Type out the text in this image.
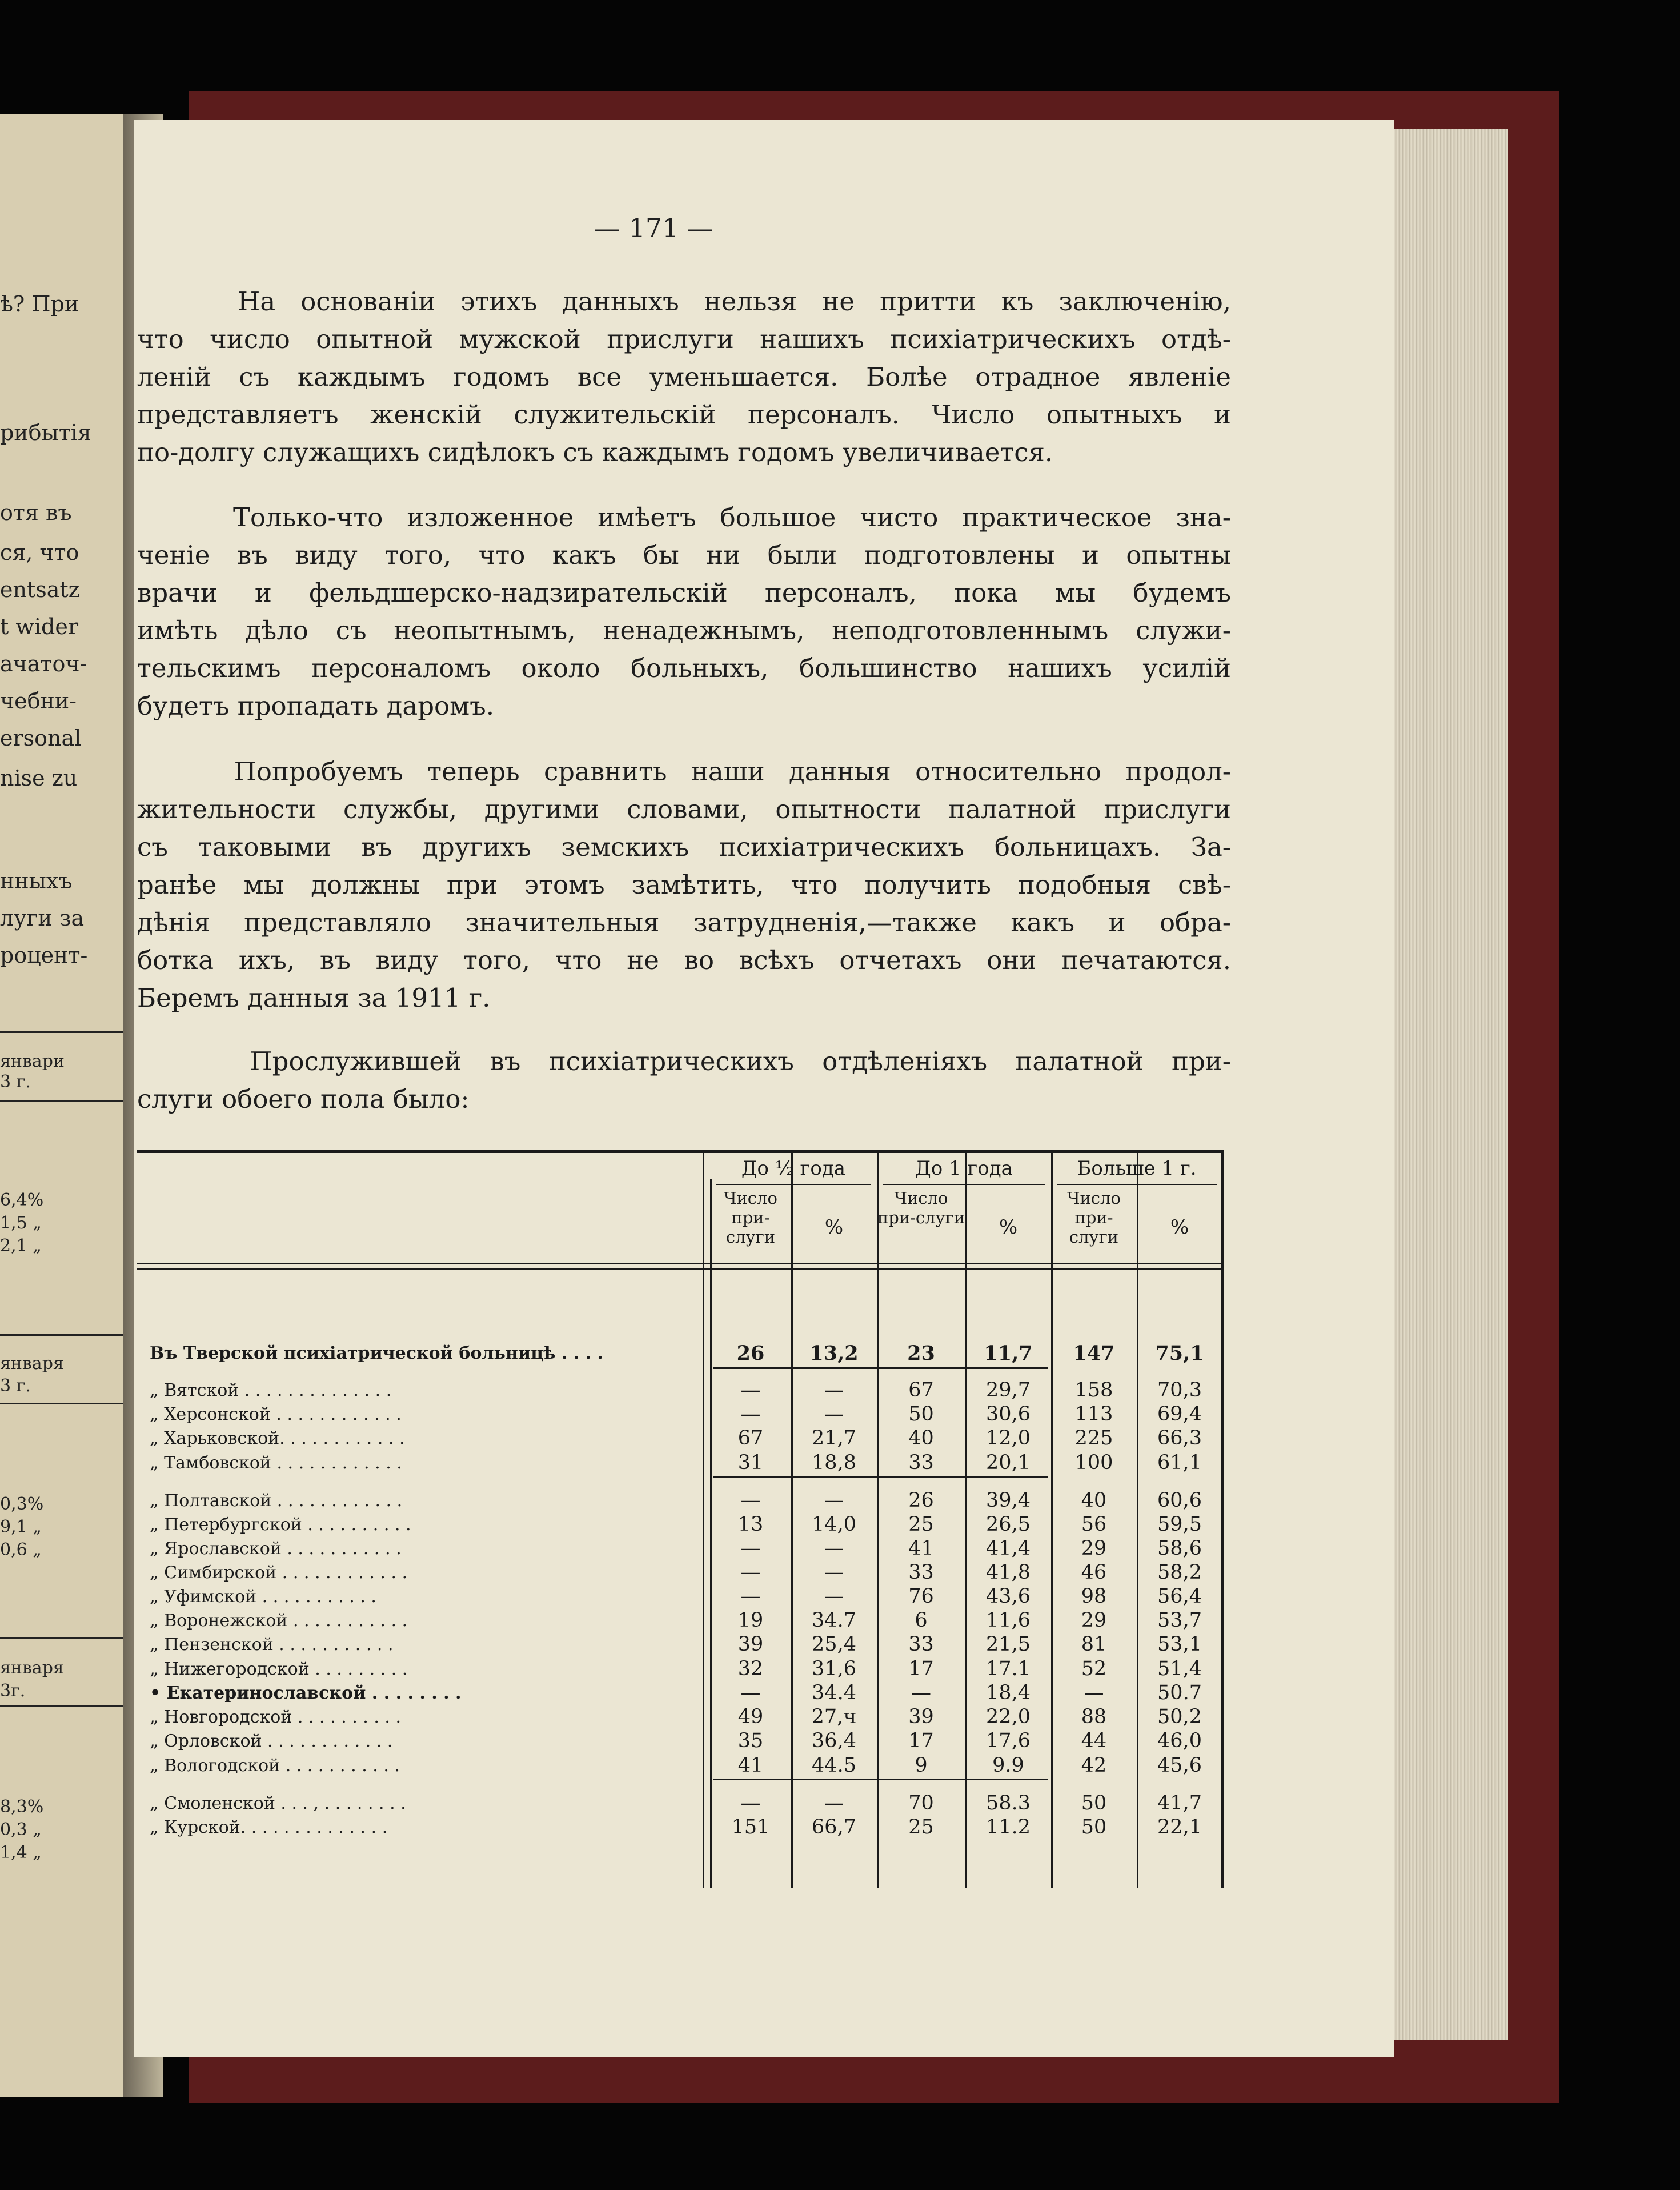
ѣ? При
рибытія
отя въ
ся, что
entsatz
t wider
ачаточ-
чебни-
ersonal
nise zu
нныхъ
луги за
роцент-
январи
3 г.
6,4%
1,5 „
2,1 „
января
3 г.
0,3%
9,1 „
0,6 „
января
3г.
8,3%
0,3 „
1,4 „
— 171 —
На основаніи этихъ данныхъ нельзя не притти къ заключенію,
что число опытной мужской прислуги нашихъ психіатрическихъ отдѣ-
леній съ каждымъ годомъ все уменьшается. Болѣе отрадное явленіе
представляетъ женскій служительскій персоналъ. Число опытныхъ и
по-долгу служащихъ сидѣлокъ съ каждымъ годомъ увеличивается.
Только-что изложенное имѣетъ большое чисто практическое зна-
ченіе въ виду того, что какъ бы ни были подготовлены и опытны
врачи и фельдшерско-надзирательскій персоналъ, пока мы будемъ
имѣть дѣло съ неопытнымъ, ненадежнымъ, неподготовленнымъ служи-
тельскимъ персоналомъ около больныхъ, большинство нашихъ усилій
будетъ пропадать даромъ.
Попробуемъ теперь сравнить наши данныя относительно продол-
жительности службы, другими словами, опытности палатной прислуги
съ таковыми въ другихъ земскихъ психіатрическихъ больницахъ. За-
ранѣе мы должны при этомъ замѣтить, что получить подобныя свѣ-
дѣнія представляло значительныя затрудненія,—также какъ и обра-
ботка ихъ, въ виду того, что не во всѣхъ отчетахъ они печатаются.
Беремъ данныя за 1911 г.
Прослужившей въ психіатрическихъ отдѣленіяхъ палатной при-
слуги обоего пола было:
До ½ года	До 1 года	Больше 1 г.
Число при-слуги	%
Число при-слуги	%
Число при-слуги	%
Въ Тверской психіатрической больницѣ . . . .	26	13,2	23	11,7	147	75,1
„ Вятской . . . . . . . . . . . . . .	—	—	67	29,7	158	70,3
„ Херсонской . . . . . . . . . . . .	—	—	50	30,6	113	69,4
„ Харьковской. . . . . . . . . . . .	67	21,7	40	12,0	225	66,3
„ Тамбовской . . . . . . . . . . . .	31	18,8	33	20,1	100	61,1
„ Полтавской . . . . . . . . . . . .	—	—	26	39,4	40	60,6
„ Петербургской . . . . . . . . . .	13	14,0	25	26,5	56	59,5
„ Ярославской . . . . . . . . . . .	—	—	41	41,4	29	58,6
„ Симбирской . . . . . . . . . . . .	—	—	33	41,8	46	58,2
„ Уфимской . . . . . . . . . . .	—	—	76	43,6	98	56,4
„ Воронежской . . . . . . . . . . .	19	34.7	6	11,6	29	53,7
„ Пензенской . . . . . . . . . . .	39	25,4	33	21,5	81	53,1
„ Нижегородской . . . . . . . . .	32	31,6	17	17.1	52	51,4
• Екатеринославской . . . . . . . .	—	34.4	—	18,4	—	50.7
„ Новгородской . . . . . . . . . .	49	27,ч	39	22,0	88	50,2
„ Орловской . . . . . . . . . . . .	35	36,4	17	17,6	44	46,0
„ Вологодской . . . . . . . . . . .	41	44.5	9	9.9	42	45,6
„ Смоленской . . . , . . . . . . . .	—	—	70	58.3	50	41,7
„ Курской. . . . . . . . . . . . . .	151	66,7	25	11.2	50	22,1
